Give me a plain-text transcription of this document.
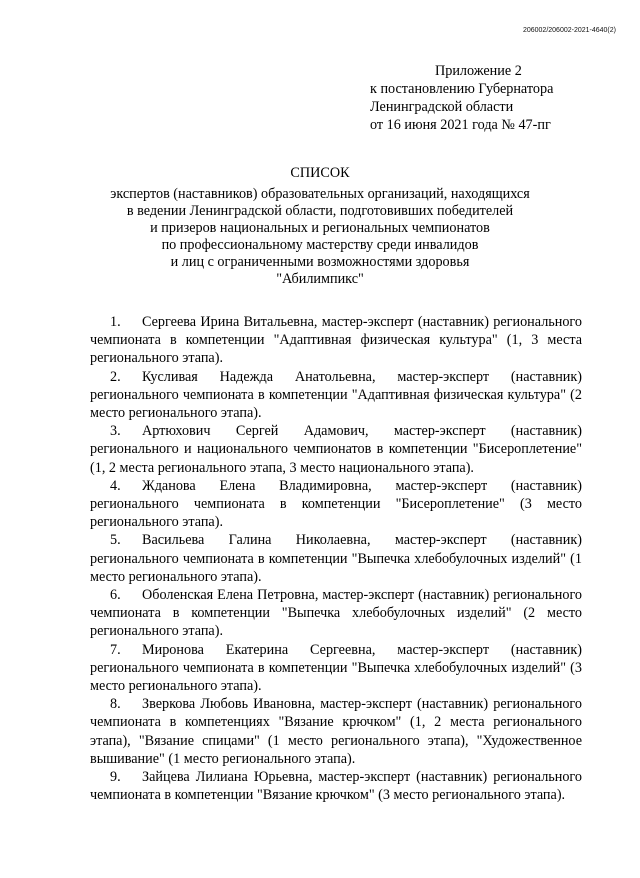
206002/206002-2021-4640(2)
Приложение 2
к постановлению Губернатора
Ленинградской области
от 16 июня 2021 года № 47-пг
СПИСОК
экспертов (наставников) образовательных организаций, находящихся
в ведении Ленинградской области, подготовивших победителей
и призеров национальных и региональных чемпионатов
по профессиональному мастерству среди инвалидов
и лиц с ограниченными возможностями здоровья
"Абилимпикс"
1. Сергеева Ирина Витальевна, мастер-эксперт (наставник) регионального чемпионата в компетенции "Адаптивная физическая культура" (1, 3 места регионального этапа).
2. Кусливая Надежда Анатольевна, мастер-эксперт (наставник) регионального чемпионата в компетенции "Адаптивная физическая культура" (2 место регионального этапа).
3. Артюхович Сергей Адамович, мастер-эксперт (наставник) регионального и национального чемпионатов в компетенции "Бисероплетение" (1, 2 места регионального этапа, 3 место национального этапа).
4. Жданова Елена Владимировна, мастер-эксперт (наставник) регионального чемпионата в компетенции "Бисероплетение" (3 место регионального этапа).
5. Васильева Галина Николаевна, мастер-эксперт (наставник) регионального чемпионата в компетенции "Выпечка хлебобулочных изделий" (1 место регионального этапа).
6. Оболенская Елена Петровна, мастер-эксперт (наставник) регионального чемпионата в компетенции "Выпечка хлебобулочных изделий" (2 место регионального этапа).
7. Миронова Екатерина Сергеевна, мастер-эксперт (наставник) регионального чемпионата в компетенции "Выпечка хлебобулочных изделий" (3 место регионального этапа).
8. Зверкова Любовь Ивановна, мастер-эксперт (наставник) регионального чемпионата в компетенциях "Вязание крючком" (1, 2 места регионального этапа), "Вязание спицами" (1 место регионального этапа), "Художественное вышивание" (1 место регионального этапа).
9. Зайцева Лилиана Юрьевна, мастер-эксперт (наставник) регионального чемпионата в компетенции "Вязание крючком" (3 место регионального этапа).
